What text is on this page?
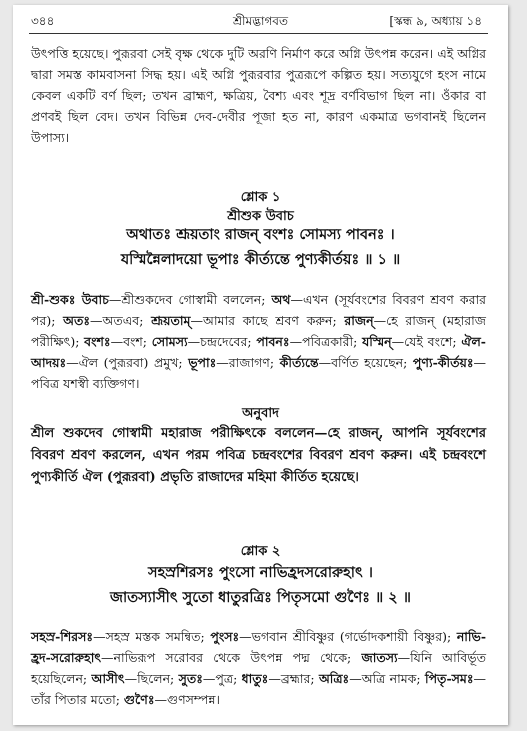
৩৪৪	শ্রীমদ্ভাগবত	[স্কন্ধ ৯, অধ্যায় ১৪

উৎপত্তি হয়েছে। পুরূরবা সেই বৃক্ষ থেকে দুটি অরণি নির্মাণ করে অগ্নি উৎপন্ন করেন। এই অগ্নির দ্বারা সমস্ত কামবাসনা সিদ্ধ হয়। এই অগ্নি পুরূরবার পুত্ররূপে কল্পিত হয়। সত্যযুগে হংস নামে কেবল একটি বর্ণ ছিল; তখন ব্রাহ্মণ, ক্ষত্রিয়, বৈশ্য এবং শূদ্র বর্ণবিভাগ ছিল না। ওঁকার বা প্রণবই ছিল বেদ। তখন বিভিন্ন দেব-দেবীর পূজা হত না, কারণ একমাত্র ভগবানই ছিলেন উপাস্য।

শ্লোক ১
শ্রীশুক উবাচ
অথাতঃ শ্রূয়তাং রাজন্ বংশঃ সোমস্য পাবনঃ ।
যস্মিন্নৈলাদয়ো ভূপাঃ কীর্ত্যন্তে পুণ্যকীর্তয়ঃ ॥ ১ ॥
শ্রী-শুকঃ উবাচ—শ্রীশুকদেব গোস্বামী বললেন; অথ—এখন (সূর্যবংশের বিবরণ শ্রবণ করার পর); অতঃ—অতএব; শ্রূয়তাম্—আমার কাছে শ্রবণ করুন; রাজন্—হে রাজন্ (মহারাজ পরীক্ষিৎ); বংশঃ—বংশ; সোমস্য—চন্দ্রদেবের; পাবনঃ—পবিত্রকারী; যস্মিন্—যেই বংশে; ঐল-আদয়ঃ—ঐল (পুরূরবা) প্রমুখ; ভূপাঃ—রাজাগণ; কীর্ত্যন্তে—বর্ণিত হয়েছেন; পুণ্য-কীর্তয়ঃ—পবিত্র যশস্বী ব্যক্তিগণ।
অনুবাদ
শ্রীল শুকদেব গোস্বামী মহারাজ পরীক্ষিৎকে বললেন—হে রাজন্, আপনি সূর্যবংশের বিবরণ শ্রবণ করলেন, এখন পরম পবিত্র চন্দ্রবংশের বিবরণ শ্রবণ করুন। এই চন্দ্রবংশে পুণ্যকীর্তি ঐল (পুরূরবা) প্রভৃতি রাজাদের মহিমা কীর্তিত হয়েছে।
শ্লোক ২
সহস্রশিরসঃ পুংসো নাভিহ্রদসরোরুহাৎ ।
জাতস্যাসীৎ সুতো ধাতুরত্রিঃ পিতৃসমো গুণৈঃ ॥ ২ ॥
সহস্র-শিরসঃ—সহস্র মস্তক সমন্বিত; পুংসঃ—ভগবান শ্রীবিষ্ণুর (গর্ভোদকশায়ী বিষ্ণুর); নাভি-হ্রদ-সরোরুহাৎ—নাভিরূপ সরোবর থেকে উৎপন্ন পদ্ম থেকে; জাতস্য—যিনি আবির্ভূত হয়েছিলেন; আসীৎ—ছিলেন; সুতঃ—পুত্র; ধাতুঃ—ব্রহ্মার; অত্রিঃ—অত্রি নামক; পিতৃ-সমঃ—তাঁর পিতার মতো; গুণৈঃ—গুণসম্পন্ন।
